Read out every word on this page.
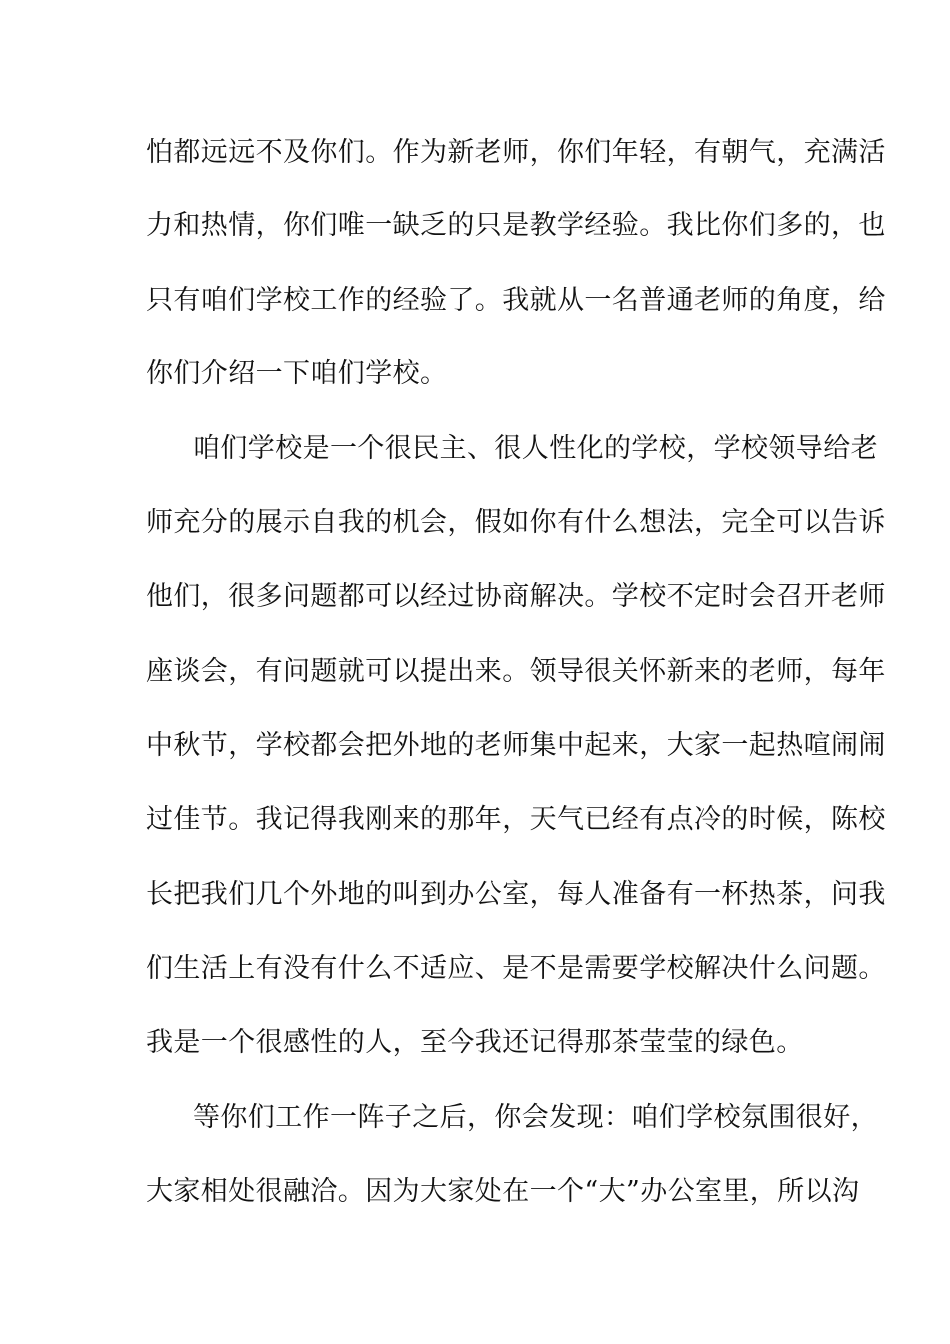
怕都远远不及你们。作为新老师，你们年轻，有朝气，充满活
力和热情，你们唯一缺乏的只是教学经验。我比你们多的，也
只有咱们学校工作的经验了。我就从一名普通老师的角度，给
你们介绍一下咱们学校。
咱们学校是一个很民主、很人性化的学校，学校领导给老
师充分的展示自我的机会，假如你有什么想法，完全可以告诉
他们，很多问题都可以经过协商解决。学校不定时会召开老师
座谈会，有问题就可以提出来。领导很关怀新来的老师，每年
中秋节，学校都会把外地的老师集中起来，大家一起热喧闹闹
过佳节。我记得我刚来的那年，天气已经有点冷的时候，陈校
长把我们几个外地的叫到办公室，每人准备有一杯热茶，问我
们生活上有没有什么不适应、是不是需要学校解决什么问题。
我是一个很感性的人，至今我还记得那茶莹莹的绿色。
等你们工作一阵子之后，你会发现：咱们学校氛围很好，
大家相处很融洽。因为大家处在一个“大”办公室里，所以沟
